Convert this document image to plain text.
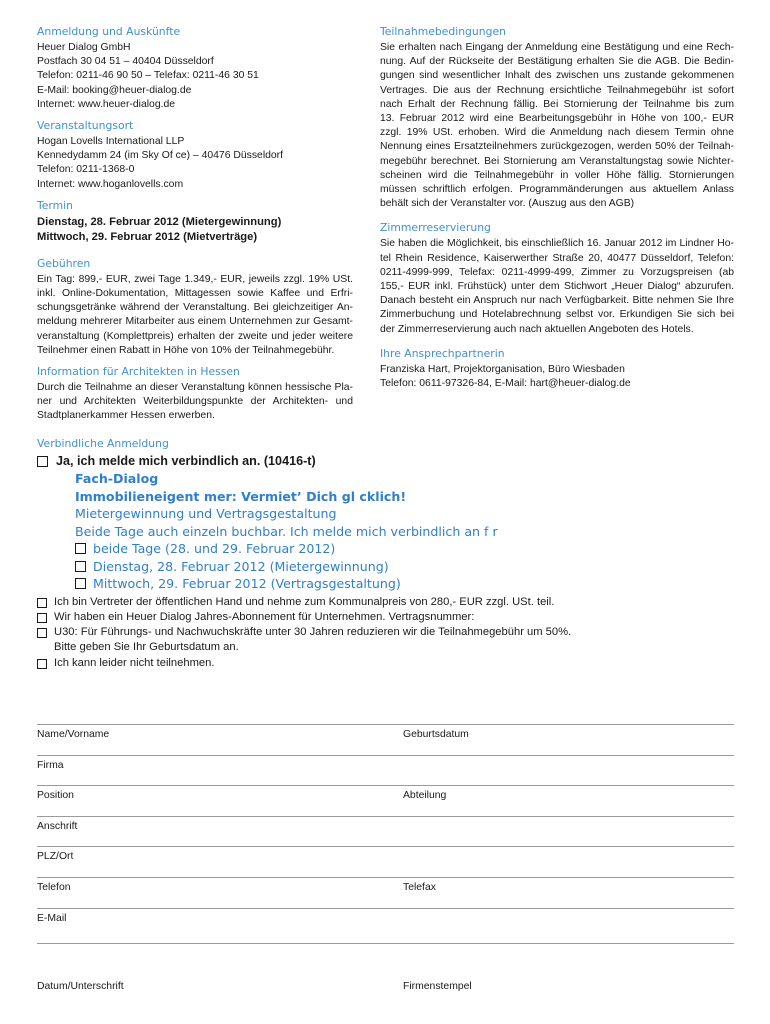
Anmeldung und Auskünfte
Heuer Dialog GmbH
Postfach 30 04 51 – 40404 Düsseldorf
Telefon: 0211-46 90 50 – Telefax: 0211-46 30 51
E-Mail: booking@heuer-dialog.de
Internet: www.heuer-dialog.de
Veranstaltungsort
Hogan Lovells International LLP
Kennedydamm 24 (im Sky Of ce) – 40476 Düsseldorf
Telefon: 0211-1368-0
Internet: www.hoganlovells.com
Termin
Dienstag, 28. Februar 2012 (Mietergewinnung)
Mittwoch, 29. Februar 2012 (Mietverträge)
Gebühren
Ein Tag: 899,- EUR, zwei Tage 1.349,- EUR, jeweils zzgl. 19% USt.
inkl. Online-Dokumentation, Mittagessen sowie Kaffee und Erfri-
schungsgetränke während der Veranstaltung. Bei gleichzeitiger An-
meldung mehrerer Mitarbeiter aus einem Unternehmen zur Gesamt-
veranstaltung (Komplettpreis) erhalten der zweite und jeder weitere
Teilnehmer einen Rabatt in Höhe von 10% der Teilnahmegebühr.
Information für Architekten in Hessen
Durch die Teilnahme an dieser Veranstaltung können hessische Pla-
ner und Architekten Weiterbildungspunkte der Architekten- und
Stadtplanerkammer Hessen erwerben.
Teilnahmebedingungen
Sie erhalten nach Eingang der Anmeldung eine Bestätigung und eine Rech-
nung. Auf der Rückseite der Bestätigung erhalten Sie die AGB. Die Bedin-
gungen sind wesentlicher Inhalt des zwischen uns zustande gekommenen
Vertrages. Die aus der Rechnung ersichtliche Teilnahmegebühr ist sofort
nach Erhalt der Rechnung fällig. Bei Stornierung der Teilnahme bis zum
13. Februar 2012 wird eine Bearbeitungsgebühr in Höhe von 100,- EUR
zzgl. 19% USt. erhoben. Wird die Anmeldung nach diesem Termin ohne
Nennung eines Ersatzteilnehmers zurückgezogen, werden 50% der Teilnah-
megebühr berechnet. Bei Stornierung am Veranstaltungstag sowie Nichter-
scheinen wird die Teilnahmegebühr in voller Höhe fällig. Stornierungen
müssen schriftlich erfolgen. Programmänderungen aus aktuellem Anlass
behält sich der Veranstalter vor. (Auszug aus den AGB)
Zimmerreservierung
Sie haben die Möglichkeit, bis einschließlich 16. Januar 2012 im Lindner Ho-
tel Rhein Residence, Kaiserwerther Straße 20, 40477 Düsseldorf, Telefon:
0211-4999-999, Telefax: 0211-4999-499, Zimmer zu Vorzugspreisen (ab
155,- EUR inkl. Frühstück) unter dem Stichwort „Heuer Dialog“ abzurufen.
Danach besteht ein Anspruch nur nach Verfügbarkeit. Bitte nehmen Sie Ihre
Zimmerbuchung und Hotelabrechnung selbst vor. Erkundigen Sie sich bei
der Zimmerreservierung auch nach aktuellen Angeboten des Hotels.
Ihre Ansprechpartnerin
Franziska Hart, Projektorganisation, Büro Wiesbaden
Telefon: 0611-97326-84, E-Mail: hart@heuer-dialog.de
Verbindliche Anmeldung
Ja, ich melde mich verbindlich an. (10416-t)
Fach-Dialog
Immobilieneigent mer: Vermiet’ Dich gl cklich!
Mietergewinnung und Vertragsgestaltung
Beide Tage auch einzeln buchbar. Ich melde mich verbindlich an f r
beide Tage (28. und 29. Februar 2012)
Dienstag, 28. Februar 2012 (Mietergewinnung)
Mittwoch, 29. Februar 2012 (Vertragsgestaltung)
Ich bin Vertreter der öffentlichen Hand und nehme zum Kommunalpreis von 280,- EUR zzgl. USt. teil.
Wir haben ein Heuer Dialog Jahres-Abonnement für Unternehmen. Vertragsnummer:
U30: Für Führungs- und Nachwuchskräfte unter 30 Jahren reduzieren wir die Teilnahmegebühr um 50%.
Bitte geben Sie Ihr Geburtsdatum an.
Ich kann leider nicht teilnehmen.
Name/Vorname	Geburtsdatum
Firma
Position	Abteilung
Anschrift
PLZ/Ort
Telefon	Telefax
E-Mail
Datum/Unterschrift	Firmenstempel
